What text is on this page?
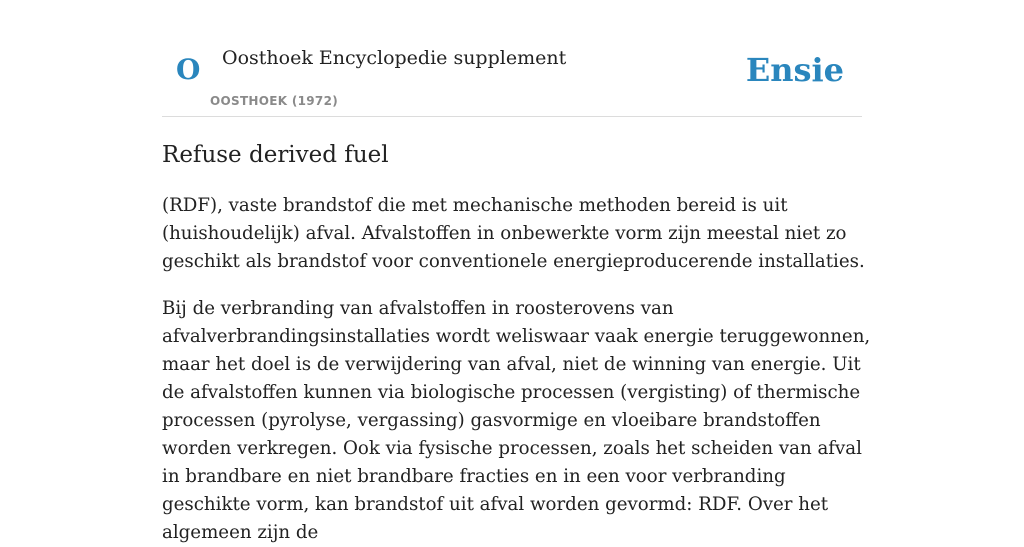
O Oosthoek Encyclopedie supplement
OOSTHOEK (1972)
Ensie
Refuse derived fuel

(RDF), vaste brandstof die met mechanische methoden bereid is uit (huishoudelijk) afval. Afvalstoffen in onbewerkte vorm zijn meestal niet zo geschikt als brandstof voor conventionele energieproducerende installaties.

Bij de verbranding van afvalstoffen in roosterovens van afvalverbrandingsinstallaties wordt weliswaar vaak energie teruggewonnen, maar het doel is de verwijdering van afval, niet de winning van energie. Uit de afvalstoffen kunnen via biologische processen (vergisting) of thermische processen (pyrolyse, vergassing) gasvormige en vloeibare brandstoffen worden verkregen. Ook via fysische processen, zoals het scheiden van afval in brandbare en niet brandbare fracties en in een voor verbranding geschikte vorm, kan brandstof uit afval worden gevormd: RDF. Over het algemeen zijn de
